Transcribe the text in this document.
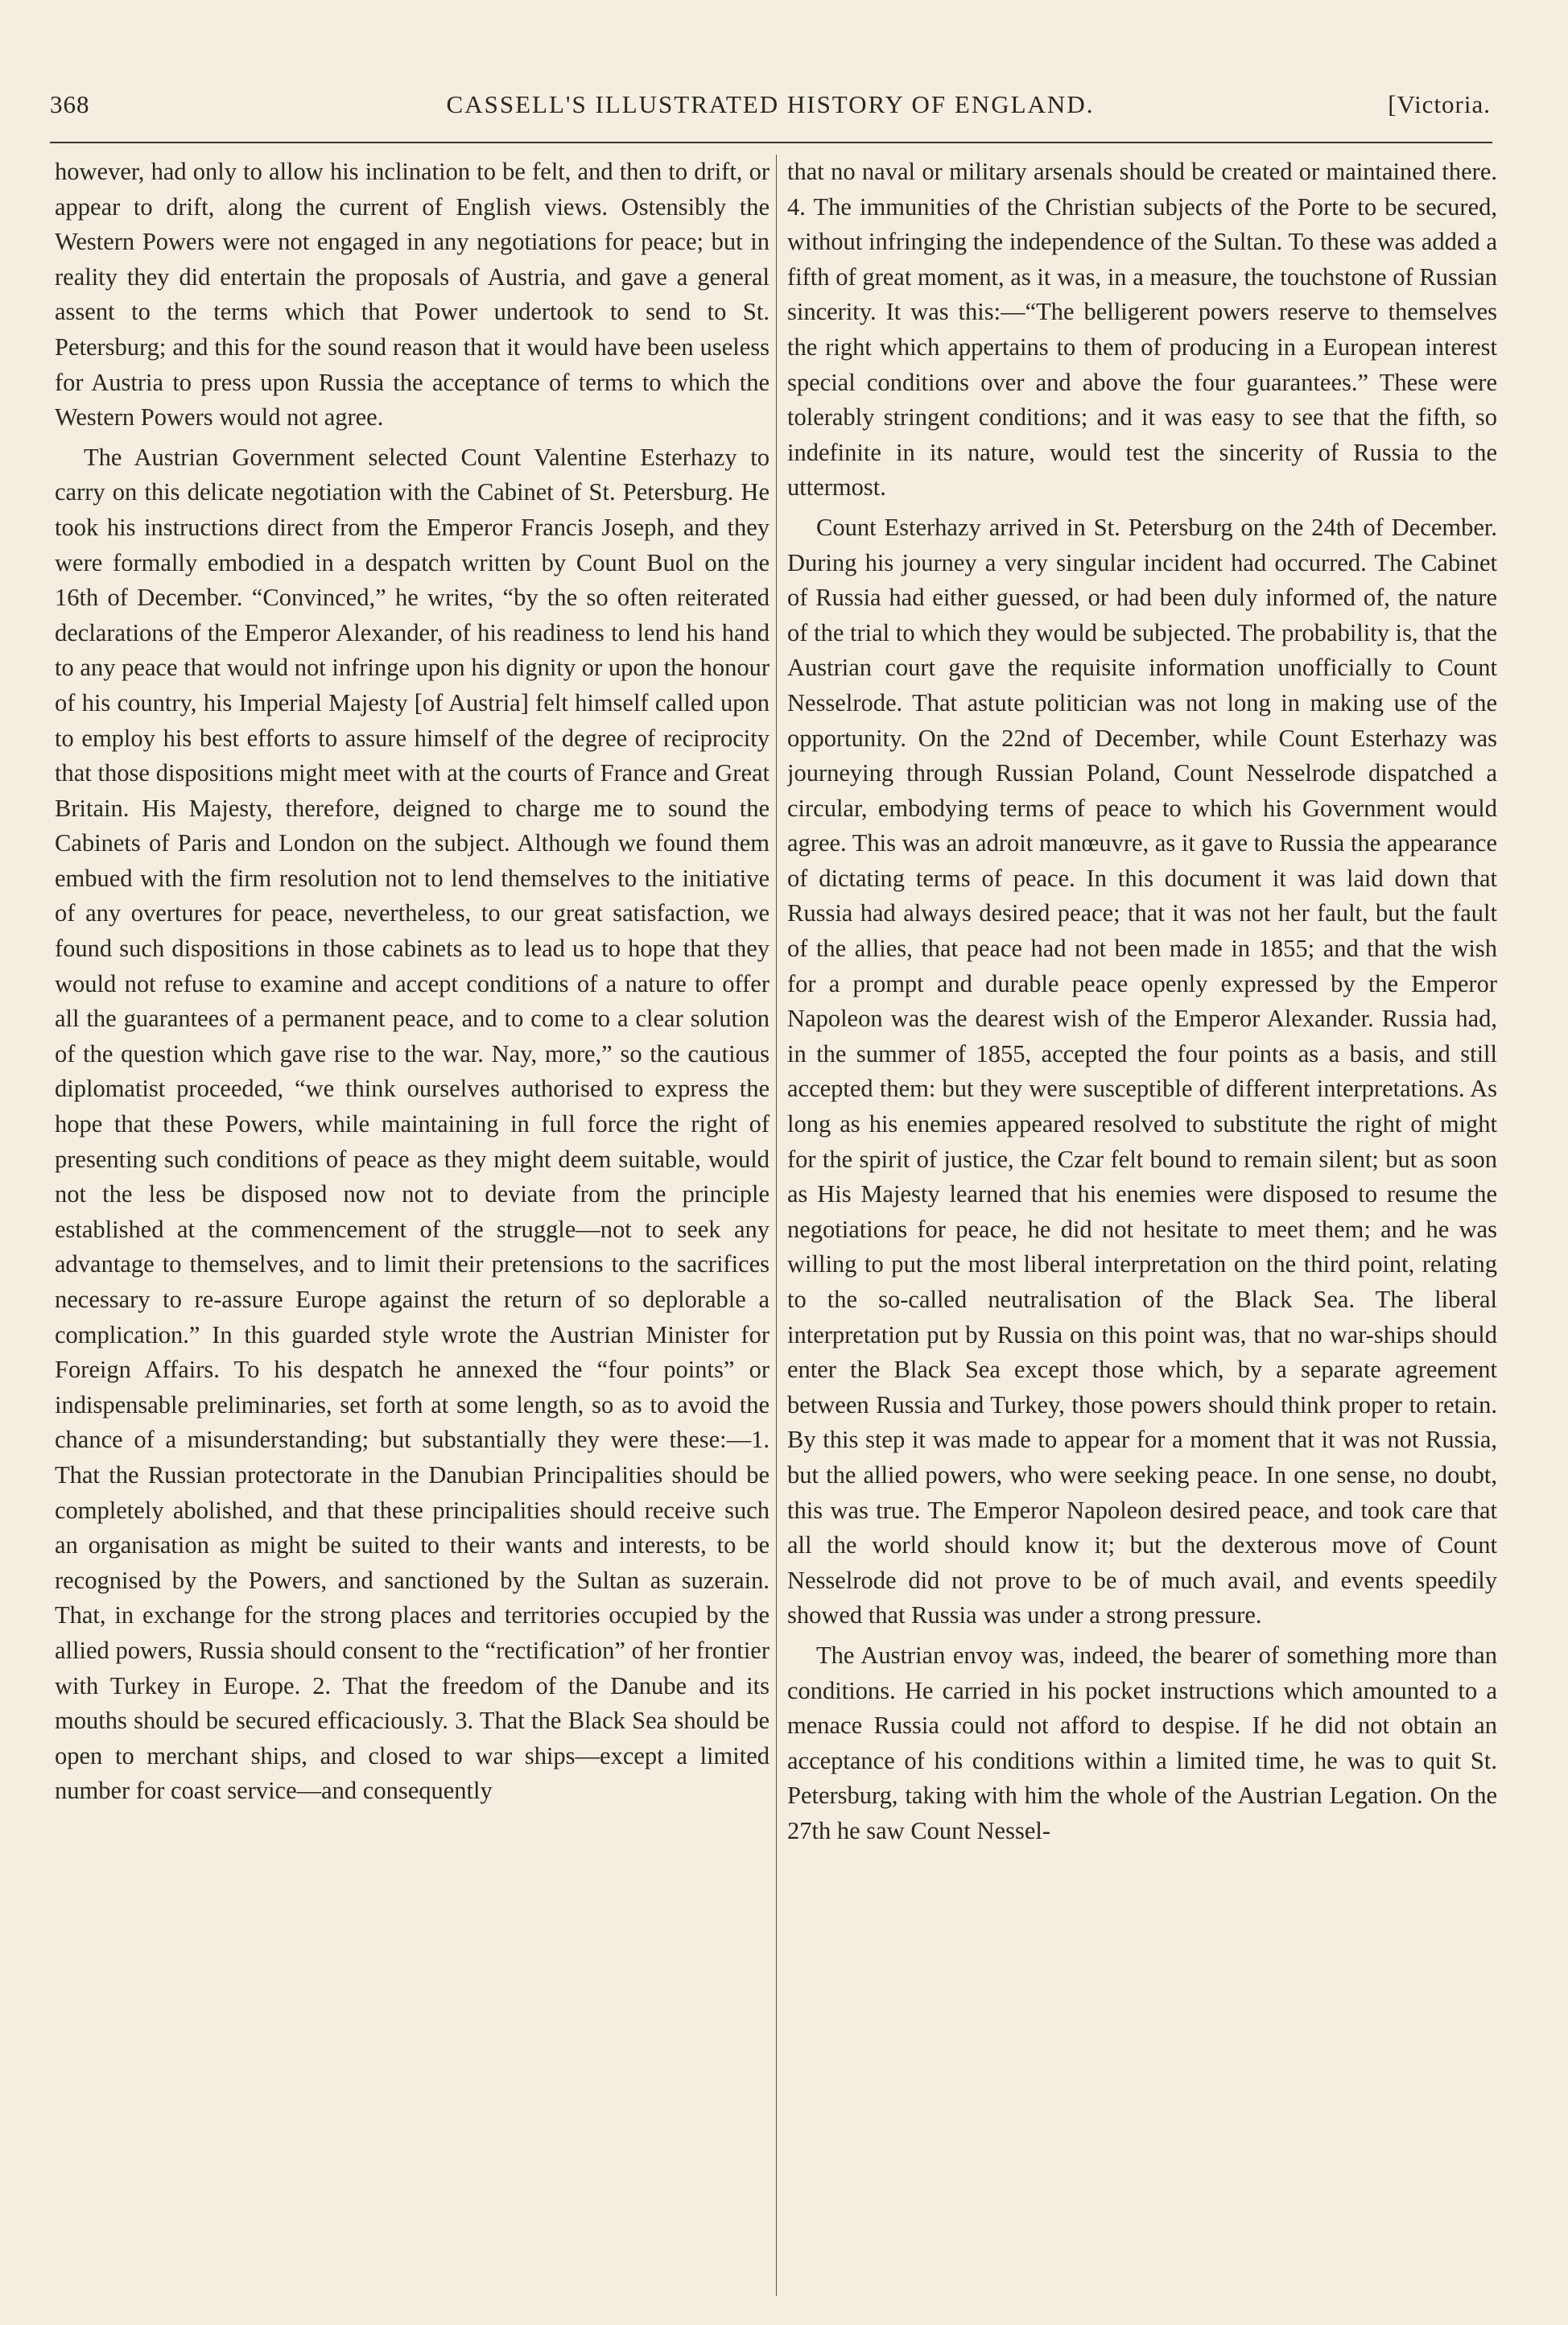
368	CASSELL'S ILLUSTRATED HISTORY OF ENGLAND.	[Victoria.

however, had only to allow his inclination to be felt, and then to drift, or appear to drift, along the current of English views. Ostensibly the Western Powers were not engaged in any negotiations for peace; but in reality they did entertain the proposals of Austria, and gave a general assent to the terms which that Power undertook to send to St. Petersburg; and this for the sound reason that it would have been useless for Austria to press upon Russia the acceptance of terms to which the Western Powers would not agree.

The Austrian Government selected Count Valentine Esterhazy to carry on this delicate negotiation with the Cabinet of St. Petersburg. He took his instructions direct from the Emperor Francis Joseph, and they were formally embodied in a despatch written by Count Buol on the 16th of December. “Convinced,” he writes, “by the so often reiterated declarations of the Emperor Alexander, of his readiness to lend his hand to any peace that would not infringe upon his dignity or upon the honour of his country, his Imperial Majesty [of Austria] felt himself called upon to employ his best efforts to assure himself of the degree of reciprocity that those dispositions might meet with at the courts of France and Great Britain. His Majesty, therefore, deigned to charge me to sound the Cabinets of Paris and London on the subject. Although we found them embued with the firm resolution not to lend themselves to the initiative of any overtures for peace, nevertheless, to our great satisfaction, we found such dispositions in those cabinets as to lead us to hope that they would not refuse to examine and accept conditions of a nature to offer all the guarantees of a permanent peace, and to come to a clear solution of the question which gave rise to the war. Nay, more,” so the cautious diplomatist proceeded, “we think ourselves authorised to express the hope that these Powers, while maintaining in full force the right of presenting such conditions of peace as they might deem suitable, would not the less be disposed now not to deviate from the principle established at the commencement of the struggle—not to seek any advantage to themselves, and to limit their pretensions to the sacrifices necessary to re-assure Europe against the return of so deplorable a complication.” In this guarded style wrote the Austrian Minister for Foreign Affairs. To his despatch he annexed the “four points” or indispensable preliminaries, set forth at some length, so as to avoid the chance of a misunderstanding; but substantially they were these:—1. That the Russian protectorate in the Danubian Principalities should be completely abolished, and that these principalities should receive such an organisation as might be suited to their wants and interests, to be recognised by the Powers, and sanctioned by the Sultan as suzerain. That, in exchange for the strong places and territories occupied by the allied powers, Russia should consent to the “rectification” of her frontier with Turkey in Europe. 2. That the freedom of the Danube and its mouths should be secured efficaciously. 3. That the Black Sea should be open to merchant ships, and closed to war ships—except a limited number for coast service—and consequently

that no naval or military arsenals should be created or maintained there. 4. The immunities of the Christian subjects of the Porte to be secured, without infringing the independence of the Sultan. To these was added a fifth of great moment, as it was, in a measure, the touchstone of Russian sincerity. It was this:—“The belligerent powers reserve to themselves the right which appertains to them of producing in a European interest special conditions over and above the four guarantees.” These were tolerably stringent conditions; and it was easy to see that the fifth, so indefinite in its nature, would test the sincerity of Russia to the uttermost.

Count Esterhazy arrived in St. Petersburg on the 24th of December. During his journey a very singular incident had occurred. The Cabinet of Russia had either guessed, or had been duly informed of, the nature of the trial to which they would be subjected. The probability is, that the Austrian court gave the requisite information unofficially to Count Nesselrode. That astute politician was not long in making use of the opportunity. On the 22nd of December, while Count Esterhazy was journeying through Russian Poland, Count Nesselrode dispatched a circular, embodying terms of peace to which his Government would agree. This was an adroit manœuvre, as it gave to Russia the appearance of dictating terms of peace. In this document it was laid down that Russia had always desired peace; that it was not her fault, but the fault of the allies, that peace had not been made in 1855; and that the wish for a prompt and durable peace openly expressed by the Emperor Napoleon was the dearest wish of the Emperor Alexander. Russia had, in the summer of 1855, accepted the four points as a basis, and still accepted them: but they were susceptible of different interpretations. As long as his enemies appeared resolved to substitute the right of might for the spirit of justice, the Czar felt bound to remain silent; but as soon as His Majesty learned that his enemies were disposed to resume the negotiations for peace, he did not hesitate to meet them; and he was willing to put the most liberal interpretation on the third point, relating to the so-called neutralisation of the Black Sea. The liberal interpretation put by Russia on this point was, that no war-ships should enter the Black Sea except those which, by a separate agreement between Russia and Turkey, those powers should think proper to retain. By this step it was made to appear for a moment that it was not Russia, but the allied powers, who were seeking peace. In one sense, no doubt, this was true. The Emperor Napoleon desired peace, and took care that all the world should know it; but the dexterous move of Count Nesselrode did not prove to be of much avail, and events speedily showed that Russia was under a strong pressure.

The Austrian envoy was, indeed, the bearer of something more than conditions. He carried in his pocket instructions which amounted to a menace Russia could not afford to despise. If he did not obtain an acceptance of his conditions within a limited time, he was to quit St. Petersburg, taking with him the whole of the Austrian Legation. On the 27th he saw Count Nessel-
